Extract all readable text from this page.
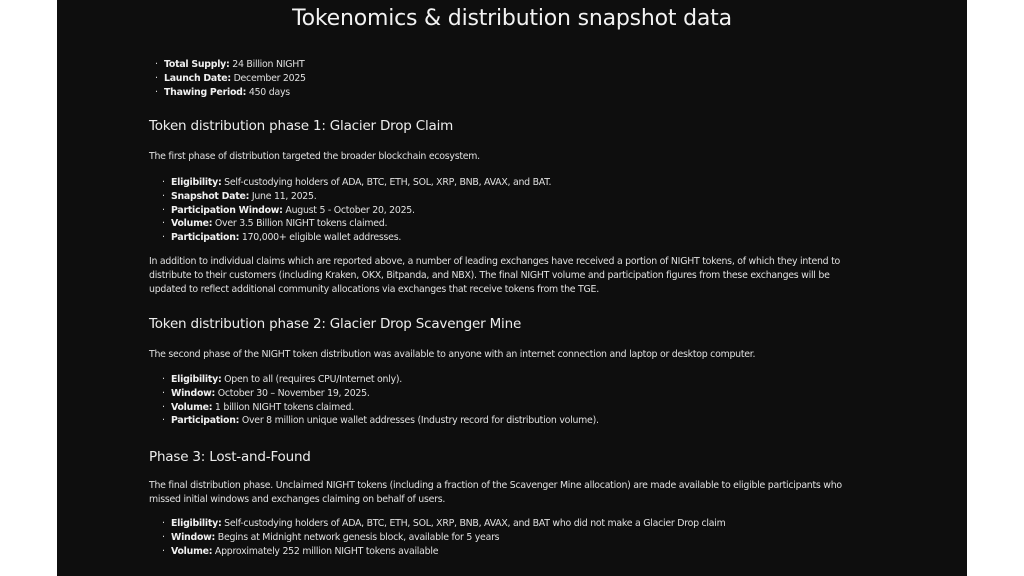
Tokenomics & distribution snapshot data
· Total Supply: 24 Billion NIGHT
· Launch Date: December 2025
· Thawing Period: 450 days
Token distribution phase 1: Glacier Drop Claim

The first phase of distribution targeted the broader blockchain ecosystem.

· Eligibility: Self-custodying holders of ADA, BTC, ETH, SOL, XRP, BNB, AVAX, and BAT.
· Snapshot Date: June 11, 2025.
· Participation Window: August 5 - October 20, 2025.
· Volume: Over 3.5 Billion NIGHT tokens claimed.
· Participation: 170,000+ eligible wallet addresses.

In addition to individual claims which are reported above, a number of leading exchanges have received a portion of NIGHT tokens, of which they intend to distribute to their customers (including Kraken, OKX, Bitpanda, and NBX). The final NIGHT volume and participation figures from these exchanges will be updated to reflect additional community allocations via exchanges that receive tokens from the TGE.

Token distribution phase 2: Glacier Drop Scavenger Mine

The second phase of the NIGHT token distribution was available to anyone with an internet connection and laptop or desktop computer.

· Eligibility: Open to all (requires CPU/Internet only).
· Window: October 30 – November 19, 2025.
· Volume: 1 billion NIGHT tokens claimed.
· Participation: Over 8 million unique wallet addresses (Industry record for distribution volume).
Phase 3: Lost-and-Found

The final distribution phase. Unclaimed NIGHT tokens (including a fraction of the Scavenger Mine allocation) are made available to eligible participants who missed initial windows and exchanges claiming on behalf of users.

· Eligibility: Self-custodying holders of ADA, BTC, ETH, SOL, XRP, BNB, AVAX, and BAT who did not make a Glacier Drop claim
· Window: Begins at Midnight network genesis block, available for 5 years
· Volume: Approximately 252 million NIGHT tokens available
